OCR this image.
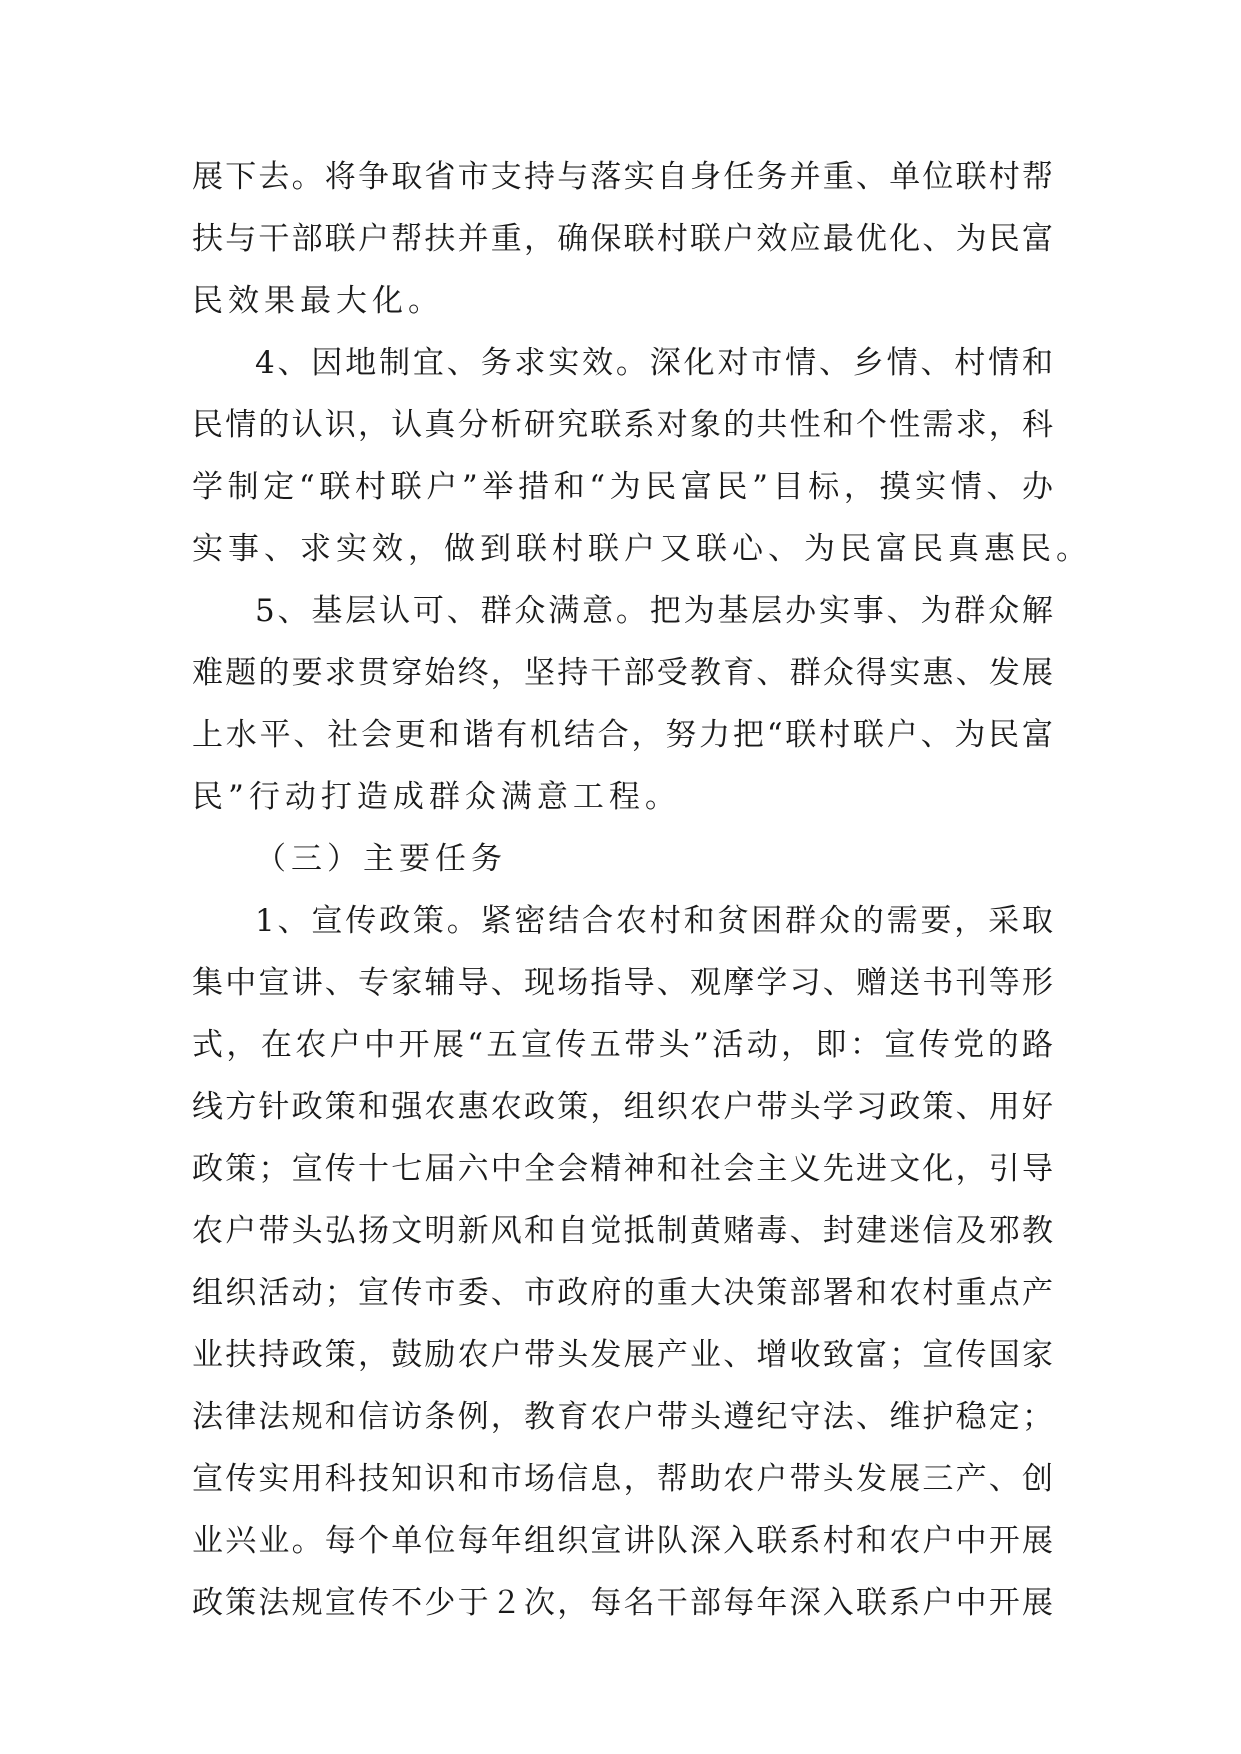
展下去。将争取省市支持与落实自身任务并重、单位联村帮
扶与干部联户帮扶并重，确保联村联户效应最优化、为民富
民效果最大化。
4、因地制宜、务求实效。深化对市情、乡情、村情和
民情的认识，认真分析研究联系对象的共性和个性需求，科
学制定“联村联户”举措和“为民富民”目标，摸实情、办
实事、求实效，做到联村联户又联心、为民富民真惠民。
5、基层认可、群众满意。把为基层办实事、为群众解
难题的要求贯穿始终，坚持干部受教育、群众得实惠、发展
上水平、社会更和谐有机结合，努力把“联村联户、为民富
民”行动打造成群众满意工程。
（三）主要任务
1、宣传政策。紧密结合农村和贫困群众的需要，采取
集中宣讲、专家辅导、现场指导、观摩学习、赠送书刊等形
式，在农户中开展“五宣传五带头”活动，即：宣传党的路
线方针政策和强农惠农政策，组织农户带头学习政策、用好
政策；宣传十七届六中全会精神和社会主义先进文化，引导
农户带头弘扬文明新风和自觉抵制黄赌毒、封建迷信及邪教
组织活动；宣传市委、市政府的重大决策部署和农村重点产
业扶持政策，鼓励农户带头发展产业、增收致富；宣传国家
法律法规和信访条例，教育农户带头遵纪守法、维护稳定；
宣传实用科技知识和市场信息，帮助农户带头发展三产、创
业兴业。每个单位每年组织宣讲队深入联系村和农户中开展
政策法规宣传不少于２次，每名干部每年深入联系户中开展
